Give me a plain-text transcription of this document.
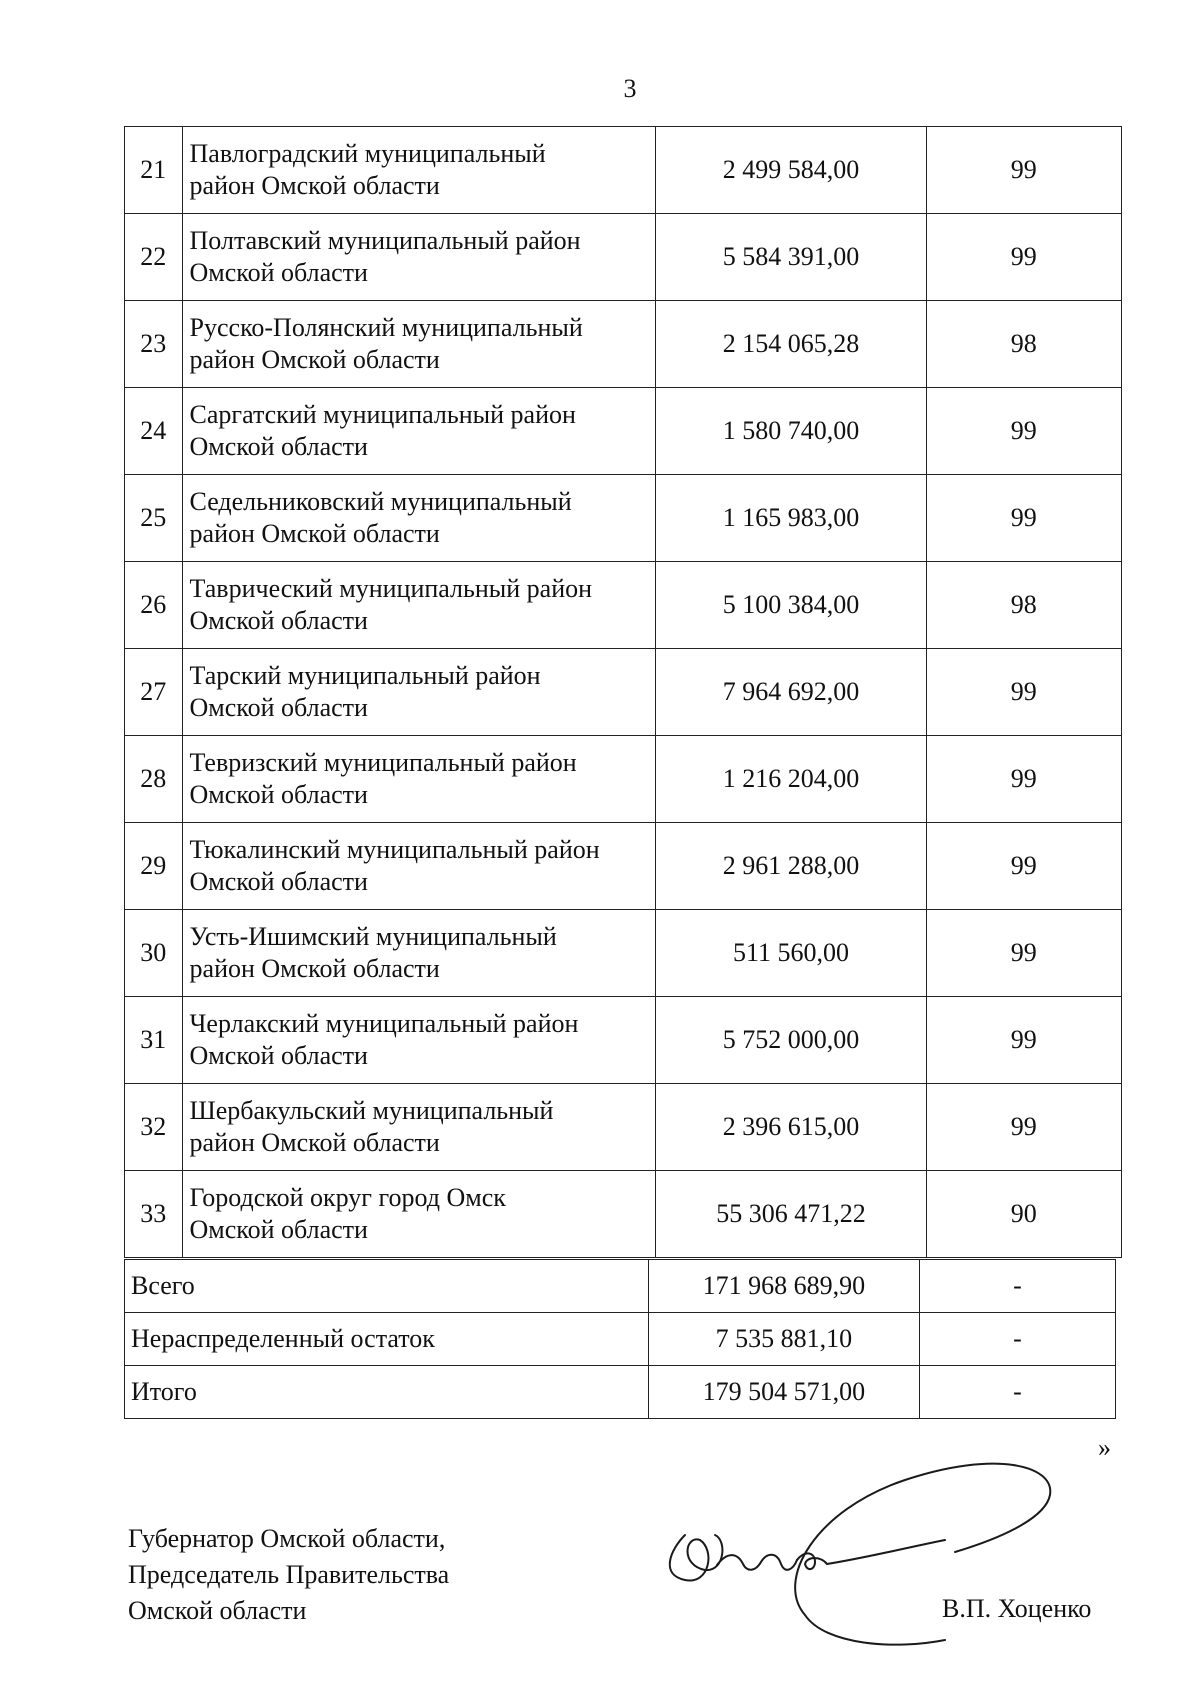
3
21	Павлоградский муниципальный
район Омской области	2 499 584,00	99
22	Полтавский муниципальный район
Омской области	5 584 391,00	99
23	Русско-Полянский муниципальный
район Омской области	2 154 065,28	98
24	Саргатский муниципальный район
Омской области	1 580 740,00	99
25	Седельниковский муниципальный
район Омской области	1 165 983,00	99
26	Таврический муниципальный район
Омской области	5 100 384,00	98
27	Тарский муниципальный район
Омской области	7 964 692,00	99
28	Тевризский муниципальный район
Омской области	1 216 204,00	99
29	Тюкалинский муниципальный район
Омской области	2 961 288,00	99
30	Усть-Ишимский муниципальный
район Омской области	511 560,00	99
31	Черлакский муниципальный район
Омской области	5 752 000,00	99
32	Шербакульский муниципальный
район Омской области	2 396 615,00	99
33	Городской округ город Омск
Омской области	55 306 471,22	90
Всего	171 968 689,90	-
Нераспределенный остаток	7 535 881,10	-
Итого	179 504 571,00	-
»
Губернатор Омской области,
Председатель Правительства
Омской области	В.П. Хоценко
